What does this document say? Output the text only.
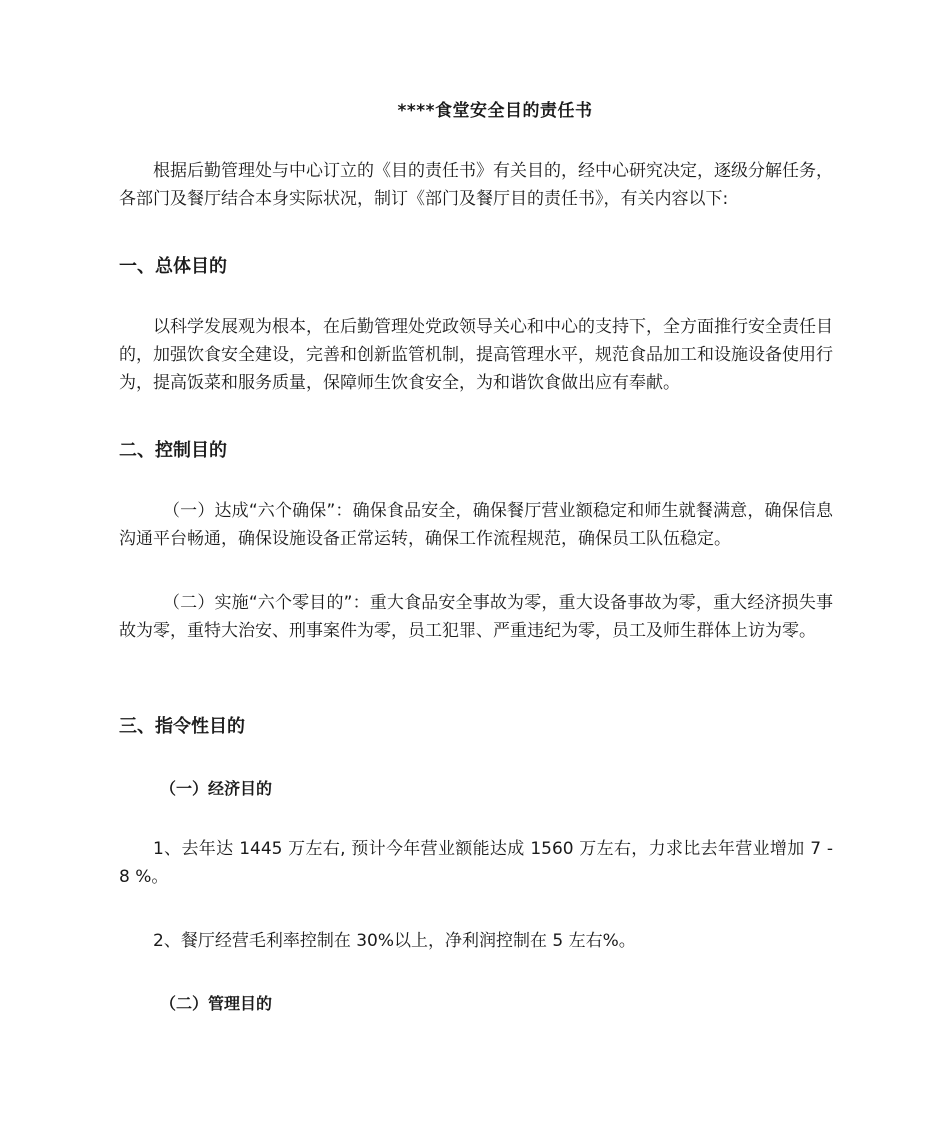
****食堂安全目的责任书
根据后勤管理处与中心订立的《目的责任书》有关目的，经中心研究决定，逐级分解任务，各部门及餐厅结合本身实际状况，制订《部门及餐厅目的责任书》，有关内容以下:
一、总体目的
以科学发展观为根本，在后勤管理处党政领导关心和中心的支持下，全方面推行安全责任目的，加强饮食安全建设，完善和创新监管机制，提高管理水平，规范食品加工和设施设备使用行为，提高饭菜和服务质量，保障师生饮食安全，为和谐饮食做出应有奉献。
二、控制目的
（一）达成“六个确保”：确保食品安全，确保餐厅营业额稳定和师生就餐满意，确保信息沟通平台畅通，确保设施设备正常运转，确保工作流程规范，确保员工队伍稳定。
（二）实施“六个零目的”：重大食品安全事故为零，重大设备事故为零，重大经济损失事故为零，重特大治安、刑事案件为零，员工犯罪、严重违纪为零，员工及师生群体上访为零。
三、指令性目的
（一）经济目的
1、去年达 1445 万左右, 预计今年营业额能达成 1560 万左右，力求比去年营业增加 7 - 8 %。
2、餐厅经营毛利率控制在 30%以上，净利润控制在 5 左右%。
（二）管理目的
